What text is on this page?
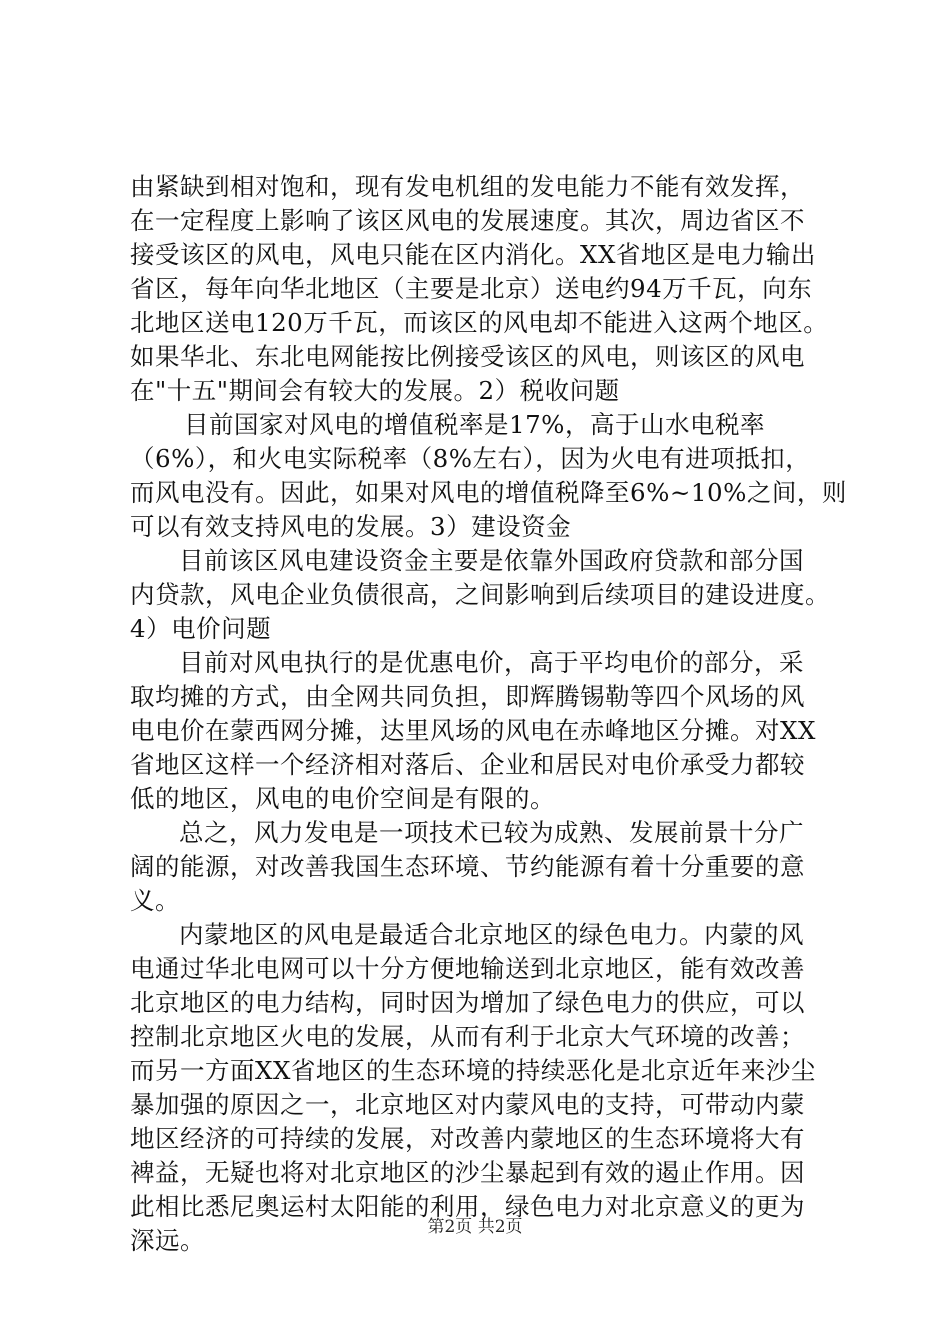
由紧缺到相对饱和，现有发电机组的发电能力不能有效发挥，
在一定程度上影响了该区风电的发展速度。其次，周边省区不
接受该区的风电，风电只能在区内消化。XX省地区是电力输出
省区，每年向华北地区（主要是北京）送电约94万千瓦，向东
北地区送电120万千瓦，而该区的风电却不能进入这两个地区。
如果华北、东北电网能按比例接受该区的风电，则该区的风电
在"十五"期间会有较大的发展。2）税收问题
目前国家对风电的增值税率是17%，高于山水电税率
（6%），和火电实际税率（8%左右），因为火电有进项抵扣，
而风电没有。因此，如果对风电的增值税降至6%~10%之间，则
可以有效支持风电的发展。3）建设资金
目前该区风电建设资金主要是依靠外国政府贷款和部分国
内贷款，风电企业负债很高，之间影响到后续项目的建设进度。
4）电价问题
目前对风电执行的是优惠电价，高于平均电价的部分，采
取均摊的方式，由全网共同负担，即辉腾锡勒等四个风场的风
电电价在蒙西网分摊，达里风场的风电在赤峰地区分摊。对XX
省地区这样一个经济相对落后、企业和居民对电价承受力都较
低的地区，风电的电价空间是有限的。
总之，风力发电是一项技术已较为成熟、发展前景十分广
阔的能源，对改善我国生态环境、节约能源有着十分重要的意
义。
内蒙地区的风电是最适合北京地区的绿色电力。内蒙的风
电通过华北电网可以十分方便地输送到北京地区，能有效改善
北京地区的电力结构，同时因为增加了绿色电力的供应，可以
控制北京地区火电的发展，从而有利于北京大气环境的改善；
而另一方面XX省地区的生态环境的持续恶化是北京近年来沙尘
暴加强的原因之一，北京地区对内蒙风电的支持，可带动内蒙
地区经济的可持续的发展，对改善内蒙地区的生态环境将大有
裨益，无疑也将对北京地区的沙尘暴起到有效的遏止作用。因
此相比悉尼奥运村太阳能的利用，绿色电力对北京意义的更为
深远。	第2页 共2页
